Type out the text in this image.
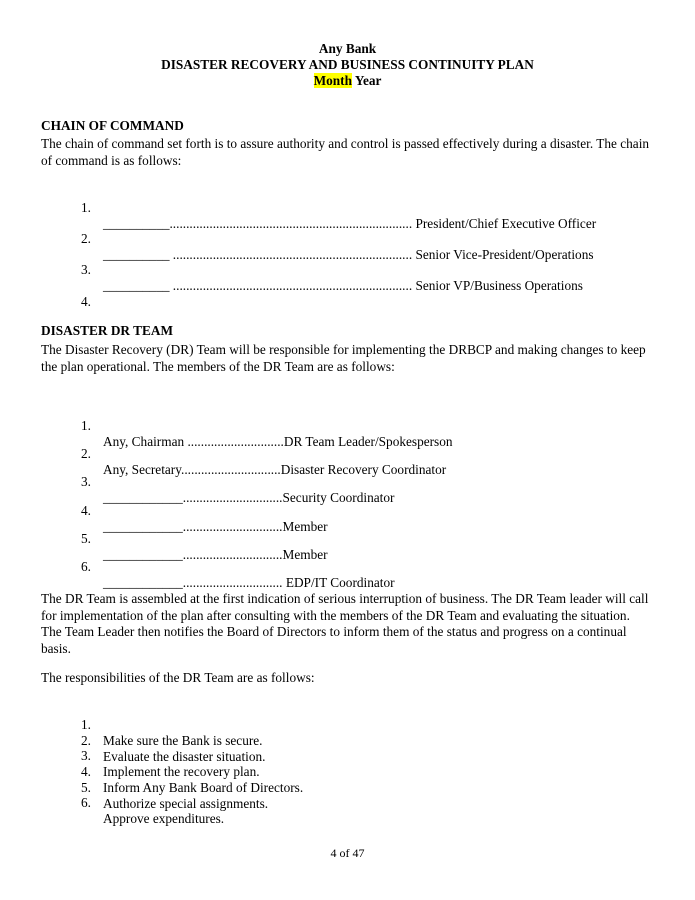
Any Bank
DISASTER RECOVERY AND BUSINESS CONTINUITY PLAN
Month Year
CHAIN OF COMMAND
The chain of command set forth is to assure authority and control is passed effectively during a disaster. The chain of command is as follows:

1.

__________......................................................................... President/Chief Executive Officer

2.

__________ ........................................................................ Senior Vice-President/Operations

3.

__________ ........................................................................ Senior VP/Business Operations

4.

DISASTER DR TEAM
The Disaster Recovery (DR) Team will be responsible for implementing the DRBCP and making changes to keep the plan operational. The members of the DR Team are as follows:

1.

Any, Chairman .............................DR Team Leader/Spokesperson

2.

Any, Secretary..............................Disaster Recovery Coordinator

3.

____________..............................Security Coordinator

4.

____________..............................Member

5.

____________..............................Member

6.

____________.............................. EDP/IT Coordinator

The DR Team is assembled at the first indication of serious interruption of business. The DR Team leader will call for implementation of the plan after consulting with the members of the DR Team and evaluating the situation. The Team Leader then notifies the Board of Directors to inform them of the status and progress on a continual basis.
The responsibilities of the DR Team are as follows:

1.

Make sure the Bank is secure.

2.

Evaluate the disaster situation.

3.

Implement the recovery plan.

4.

Inform Any Bank Board of Directors.

5.

Authorize special assignments.

6.

Approve expenditures.

4 of 47
